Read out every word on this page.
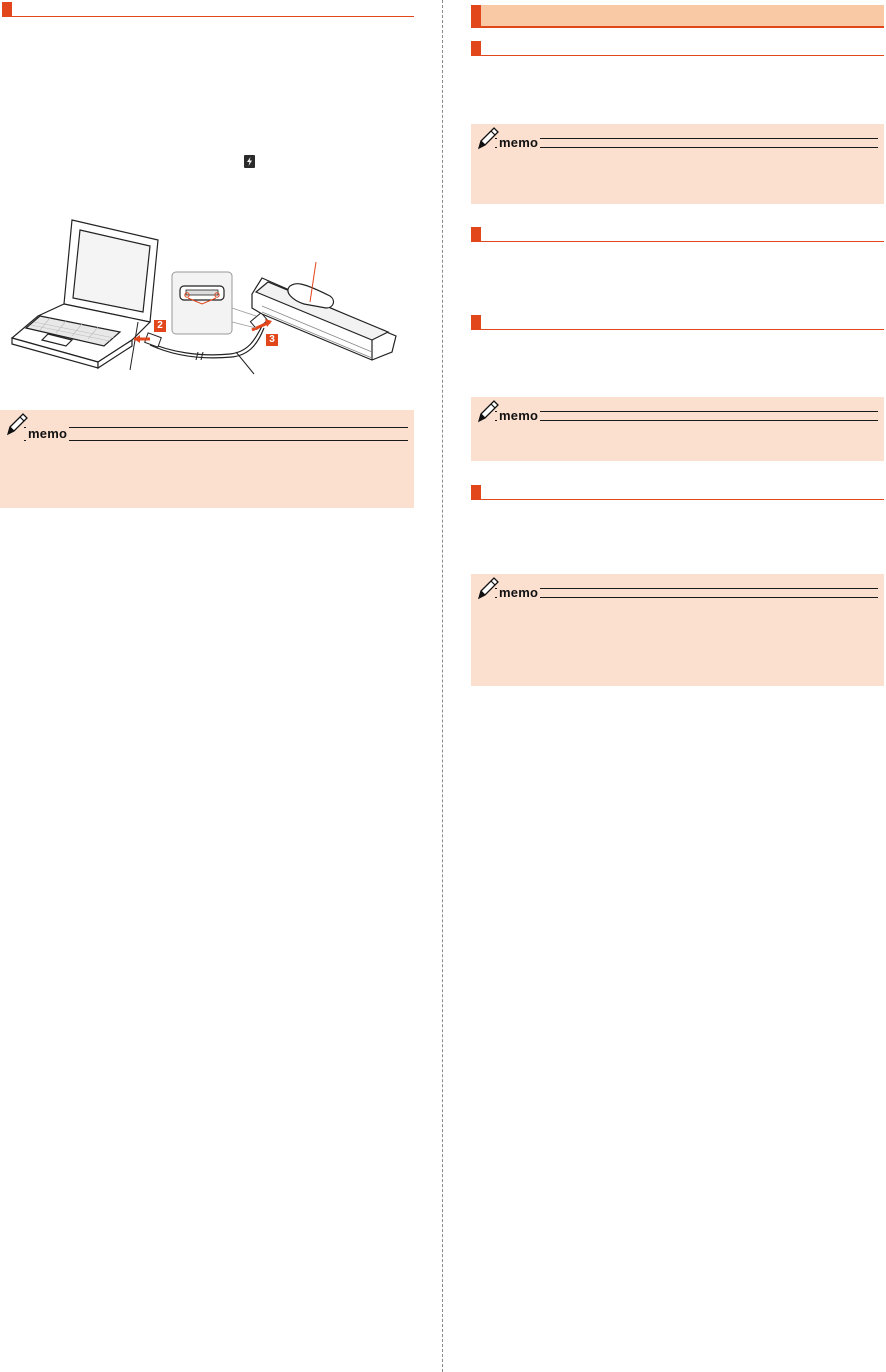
2
3
memo
memo
memo
memo
